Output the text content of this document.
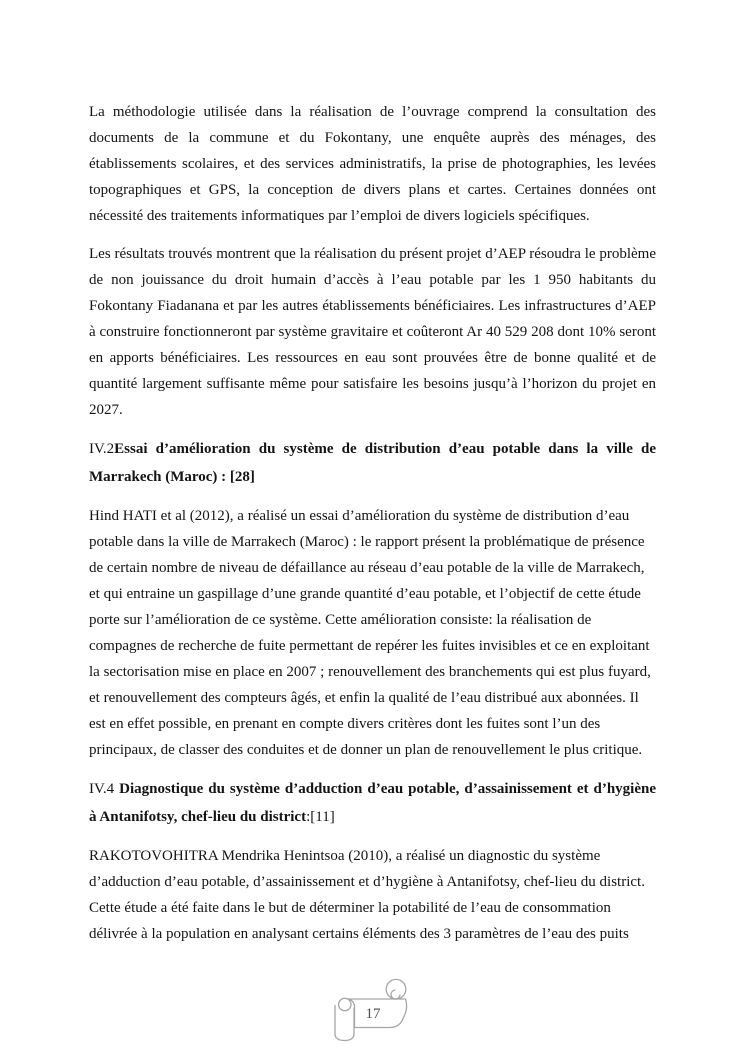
La méthodologie utilisée dans la réalisation de l’ouvrage comprend la consultation des documents de la commune et du Fokontany, une enquête auprès des ménages, des établissements scolaires, et des services administratifs, la prise de photographies, les levées topographiques et GPS, la conception de divers plans et cartes. Certaines données ont nécessité des traitements informatiques par l’emploi de divers logiciels spécifiques.

Les résultats trouvés montrent que la réalisation du présent projet d’AEP résoudra le problème de non jouissance du droit humain d’accès à l’eau potable par les 1 950 habitants du Fokontany Fiadanana et par les autres établissements bénéficiaires. Les infrastructures d’AEP à construire fonctionneront par système gravitaire et coûteront Ar 40 529 208 dont 10% seront en apports bénéficiaires. Les ressources en eau sont prouvées être de bonne qualité et de quantité largement suffisante même pour satisfaire les besoins jusqu’à l’horizon du projet en 2027.

IV.2Essai d’amélioration du système de distribution d’eau potable dans la ville de Marrakech (Maroc) : [28]

Hind HATI et al (2012), a réalisé un essai d’amélioration du système de distribution d’eau potable dans la ville de Marrakech (Maroc) : le rapport présent la problématique de présence de certain nombre de niveau de défaillance au réseau d’eau potable de la ville de Marrakech, et qui entraine un gaspillage d’une grande quantité d’eau potable, et l’objectif de cette étude porte sur l’amélioration de ce système. Cette amélioration consiste: la réalisation de compagnes de recherche de fuite permettant de repérer les fuites invisibles et ce en exploitant la sectorisation mise en place en 2007 ; renouvellement des branchements qui est plus fuyard, et renouvellement des compteurs âgés, et enfin la qualité de l’eau distribué aux abonnées. Il est en effet possible, en prenant en compte divers critères dont les fuites sont l’un des principaux, de classer des conduites et de donner un plan de renouvellement le plus critique.

IV.4 Diagnostique du système d’adduction d’eau potable, d’assainissement et d’hygiène à Antanifotsy, chef-lieu du district:[11]

RAKOTOVOHITRA Mendrika Henintsoa (2010), a réalisé un diagnostic du système d’adduction d’eau potable, d’assainissement et d’hygiène à Antanifotsy, chef-lieu du district. Cette étude a été faite dans le but de déterminer la potabilité de l’eau de consommation délivrée à la population en analysant certains éléments des 3 paramètres de l’eau des puits

17
